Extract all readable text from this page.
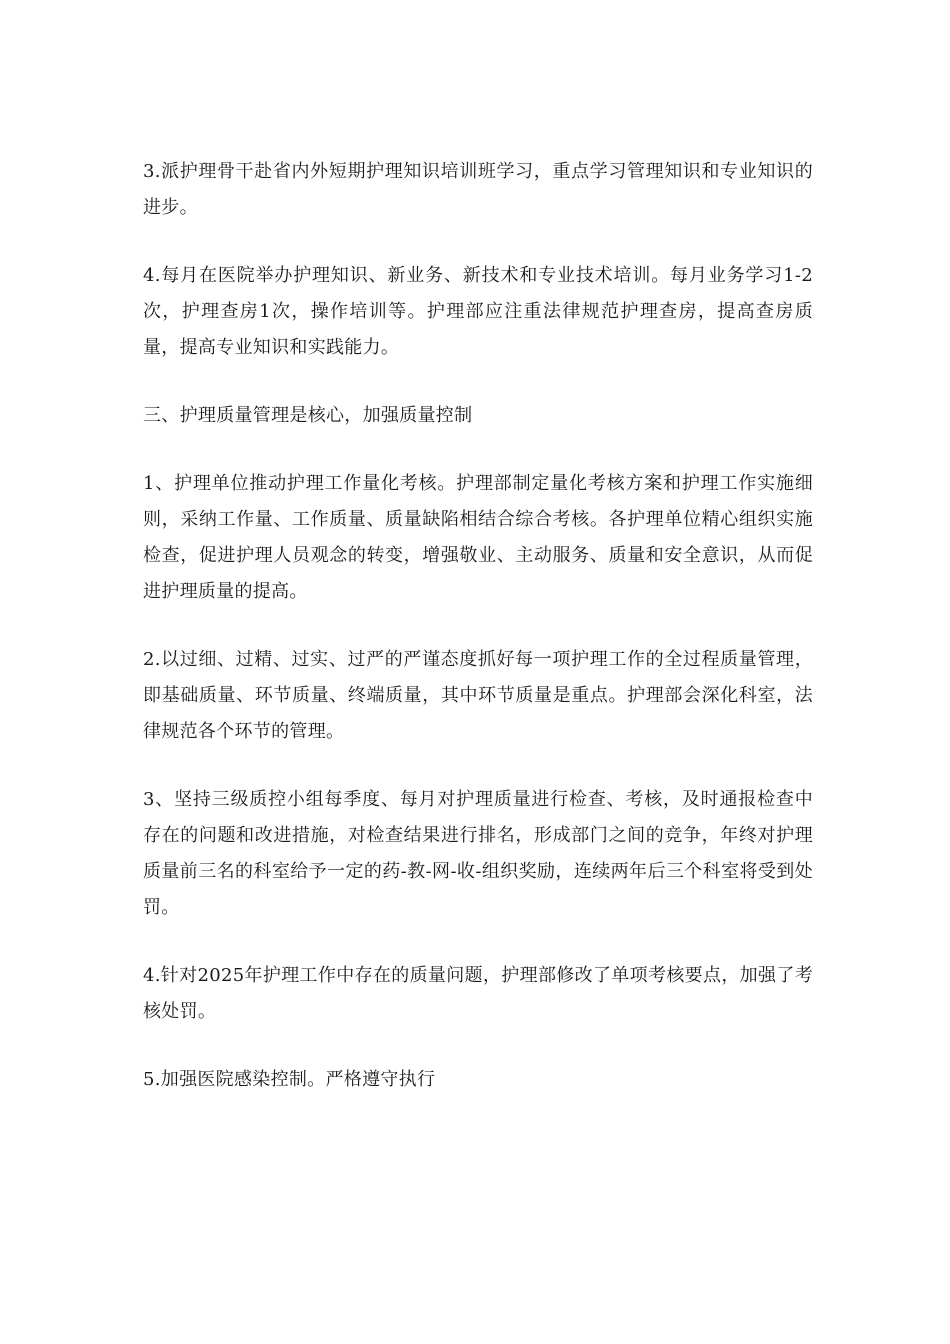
3.派护理骨干赴省内外短期护理知识培训班学习，重点学习管理知识和专业知识的进步。

4.每月在医院举办护理知识、新业务、新技术和专业技术培训。每月业务学习1-2次，护理查房1次，操作培训等。护理部应注重法律规范护理查房，提高查房质量，提高专业知识和实践能力。

三、护理质量管理是核心，加强质量控制

1、护理单位推动护理工作量化考核。护理部制定量化考核方案和护理工作实施细则，采纳工作量、工作质量、质量缺陷相结合综合考核。各护理单位精心组织实施检查，促进护理人员观念的转变，增强敬业、主动服务、质量和安全意识，从而促进护理质量的提高。

2.以过细、过精、过实、过严的严谨态度抓好每一项护理工作的全过程质量管理，即基础质量、环节质量、终端质量，其中环节质量是重点。护理部会深化科室，法律规范各个环节的管理。

3、坚持三级质控小组每季度、每月对护理质量进行检查、考核，及时通报检查中存在的问题和改进措施，对检查结果进行排名，形成部门之间的竞争，年终对护理质量前三名的科室给予一定的药-教-网-收-组织奖励，连续两年后三个科室将受到处罚。

4.针对2025年护理工作中存在的质量问题，护理部修改了单项考核要点，加强了考核处罚。

5.加强医院感染控制。严格遵守执行
